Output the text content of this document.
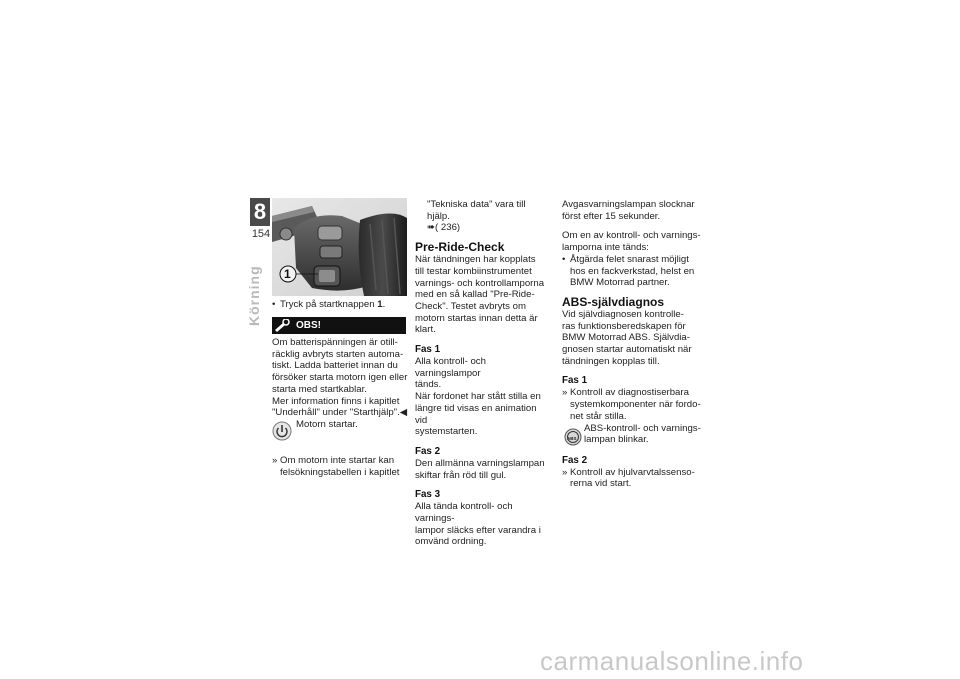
8
154
Körning 1
• Tryck på startknappen 1.
OBS!

Om batterispänningen är otill-

räcklig avbryts starten automa-

tiskt. Ladda batteriet innan du

försöker starta motorn igen eller

starta med startkablar.

Mer information finns i kapitlet

"Underhåll" under "Starthjälp".◀

Motorn startar.

» Om motorn inte startar kan
felsökningstabellen i kapitlet

"Tekniska data" vara till hjälp.

➠( 236)

Pre-Ride-Check

När tändningen har kopplats

till testar kombiinstrumentet

varnings- och kontrollamporna

med en så kallad "Pre-Ride-

Check". Testet avbryts om

motorn startas innan detta är

klart.

Fas 1

Alla kontroll- och varningslampor

tänds.

När fordonet har stått stilla en

längre tid visas en animation vid

systemstarten.

Fas 2

Den allmänna varningslampan

skiftar från röd till gul.

Fas 3

Alla tända kontroll- och varnings-

lampor släcks efter varandra i

omvänd ordning.

Avgasvarningslampan slocknar

först efter 15 sekunder.

Om en av kontroll- och varnings-

lamporna inte tänds:

• Åtgärda felet snarast möjligt
hos en fackverkstad, helst en
BMW Motorrad partner.

ABS-självdiagnos

Vid självdiagnosen kontrolle-

ras funktionsberedskapen för

BMW Motorrad ABS. Självdia-

gnosen startar automatiskt när

tändningen kopplas till.

Fas 1

» Kontroll av diagnostiserbara
systemkomponenter när fordo-
net står stilla.
ABS

ABS-kontroll- och varnings-
lampan blinkar.

Fas 2

» Kontroll av hjulvarvtalssenso-
rerna vid start.
carmanualsonline.info
